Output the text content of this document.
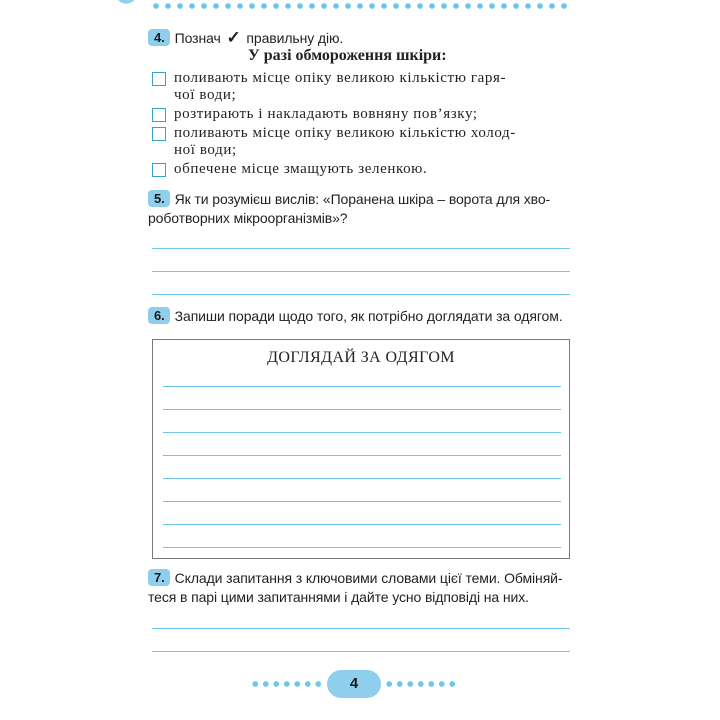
4. Познач ✓ правильну дію.
У разі обмороження шкіри:
поливають місце опіку великою кількістю гаря-
чої води;
розтирають і накладають вовняну пов’язку;
поливають місце опіку великою кількістю холод-
ної води;
обпечене місце змащують зеленкою.
5. Як ти розумієш вислів: «Поранена шкіра – ворота для хво-
роботворних мікроорганізмів»?
6. Запиши поради щодо того, як потрібно доглядати за одягом.
ДОГЛЯДАЙ ЗА ОДЯГОМ
7. Склади запитання з ключовими словами цієї теми. Обміняй-
теся в парі цими запитаннями і дайте усно відповіді на них.
4
